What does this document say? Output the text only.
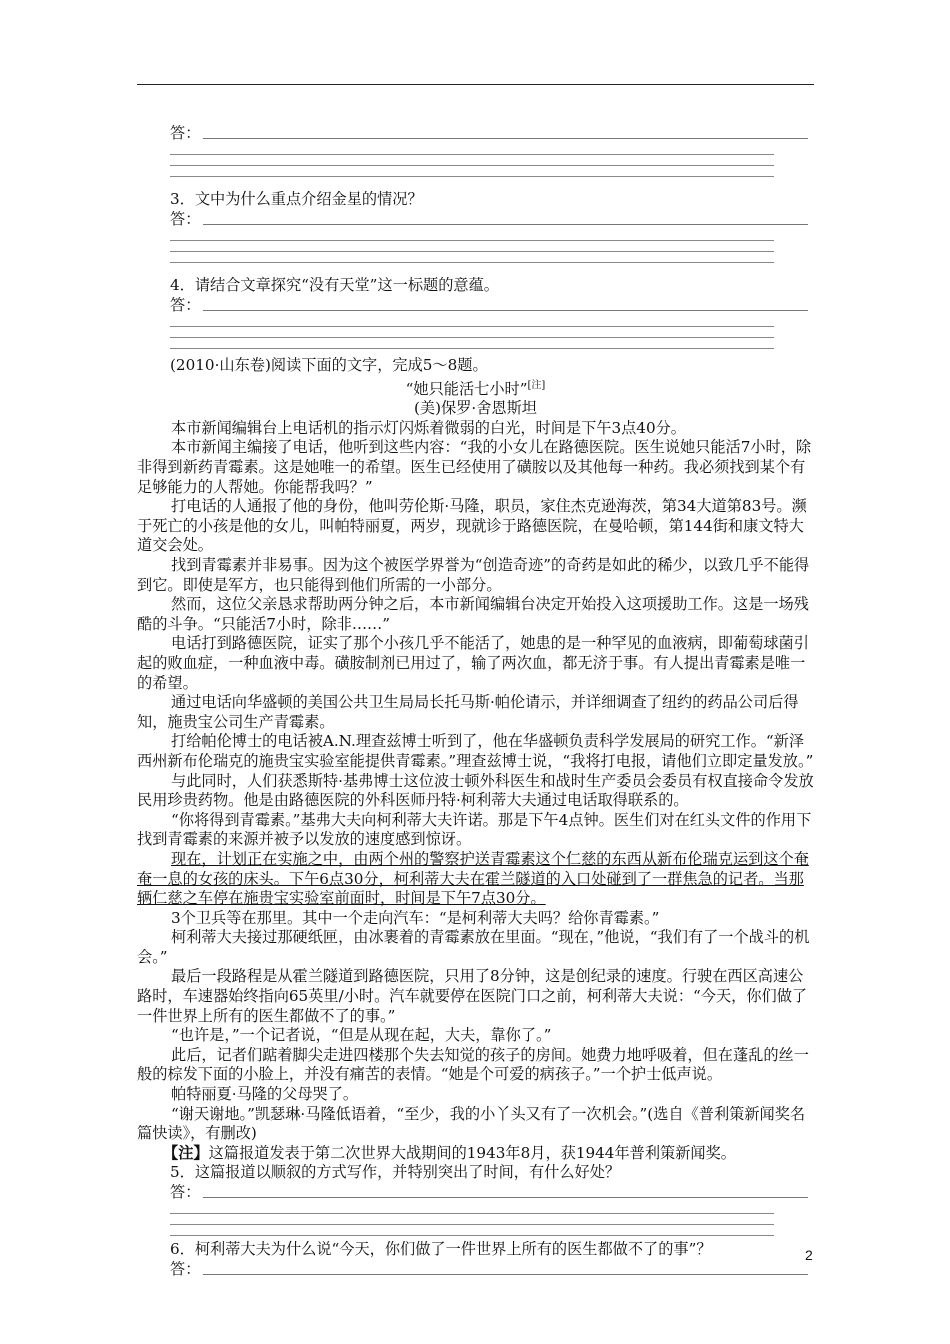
答：

3．文中为什么重点介绍金星的情况？

答：

4．请结合文章探究“没有天堂”这一标题的意蕴。

答：

(2010·山东卷)阅读下面的文字，完成5～8题。

“她只能活七小时”[注]

(美)保罗·舍恩斯坦

本市新闻编辑台上电话机的指示灯闪烁着微弱的白光，时间是下午3点40分。

本市新闻主编接了电话，他听到这些内容：“我的小女儿在路德医院。医生说她只能活7小时，除非得到新药青霉素。这是她唯一的希望。医生已经使用了磺胺以及其他每一种药。我必须找到某个有足够能力的人帮她。你能帮我吗？”

打电话的人通报了他的身份，他叫劳伦斯·马隆，职员，家住杰克逊海茨，第34大道第83号。濒于死亡的小孩是他的女儿，叫帕特丽夏，两岁，现就诊于路德医院，在曼哈顿，第144街和康文特大道交会处。

找到青霉素并非易事。因为这个被医学界誉为“创造奇迹”的奇药是如此的稀少，以致几乎不能得到它。即使是军方，也只能得到他们所需的一小部分。

然而，这位父亲恳求帮助两分钟之后，本市新闻编辑台决定开始投入这项援助工作。这是一场残酷的斗争。“只能活7小时，除非……”

电话打到路德医院，证实了那个小孩几乎不能活了，她患的是一种罕见的血液病，即葡萄球菌引起的败血症，一种血液中毒。磺胺制剂已用过了，输了两次血，都无济于事。有人提出青霉素是唯一的希望。

通过电话向华盛顿的美国公共卫生局局长托马斯·帕伦请示，并详细调查了纽约的药品公司后得知，施贵宝公司生产青霉素。

打给帕伦博士的电话被A.N.理查兹博士听到了，他在华盛顿负责科学发展局的研究工作。“新泽西州新布伦瑞克的施贵宝实验室能提供青霉素。”理查兹博士说，“我将打电报，请他们立即定量发放。”

与此同时，人们获悉斯特·基弗博士这位波士顿外科医生和战时生产委员会委员有权直接命令发放民用珍贵药物。他是由路德医院的外科医师丹特·柯利蒂大夫通过电话取得联系的。

“你将得到青霉素。”基弗大夫向柯利蒂大夫许诺。那是下午4点钟。医生们对在红头文件的作用下找到青霉素的来源并被予以发放的速度感到惊讶。

现在，计划正在实施之中，由两个州的警察护送青霉素这个仁慈的东西从新布伦瑞克运到这个奄奄一息的女孩的床头。下午6点30分，柯利蒂大夫在霍兰隧道的入口处碰到了一群焦急的记者。当那辆仁慈之车停在施贵宝实验室前面时，时间是下午7点30分。

3个卫兵等在那里。其中一个走向汽车：“是柯利蒂大夫吗？给你青霉素。”

柯利蒂大夫接过那硬纸匣，由冰裹着的青霉素放在里面。“现在，”他说，“我们有了一个战斗的机会。”

最后一段路程是从霍兰隧道到路德医院，只用了8分钟，这是创纪录的速度。行驶在西区高速公路时，车速器始终指向65英里/小时。汽车就要停在医院门口之前，柯利蒂大夫说：“今天，你们做了一件世界上所有的医生都做不了的事。”

“也许是，”一个记者说，“但是从现在起，大夫，靠你了。”

此后，记者们踮着脚尖走进四楼那个失去知觉的孩子的房间。她费力地呼吸着，但在蓬乱的丝一般的棕发下面的小脸上，并没有痛苦的表情。“她是个可爱的病孩子。”一个护士低声说。

帕特丽夏·马隆的父母哭了。

“谢天谢地。”凯瑟琳·马隆低语着，“至少，我的小丫头又有了一次机会。”(选自《普利策新闻奖名篇快读》，有删改)

【注】这篇报道发表于第二次世界大战期间的1943年8月，获1944年普利策新闻奖。

5．这篇报道以顺叙的方式写作，并特别突出了时间，有什么好处？

答：

6．柯利蒂大夫为什么说“今天，你们做了一件世界上所有的医生都做不了的事”？

答：
2
